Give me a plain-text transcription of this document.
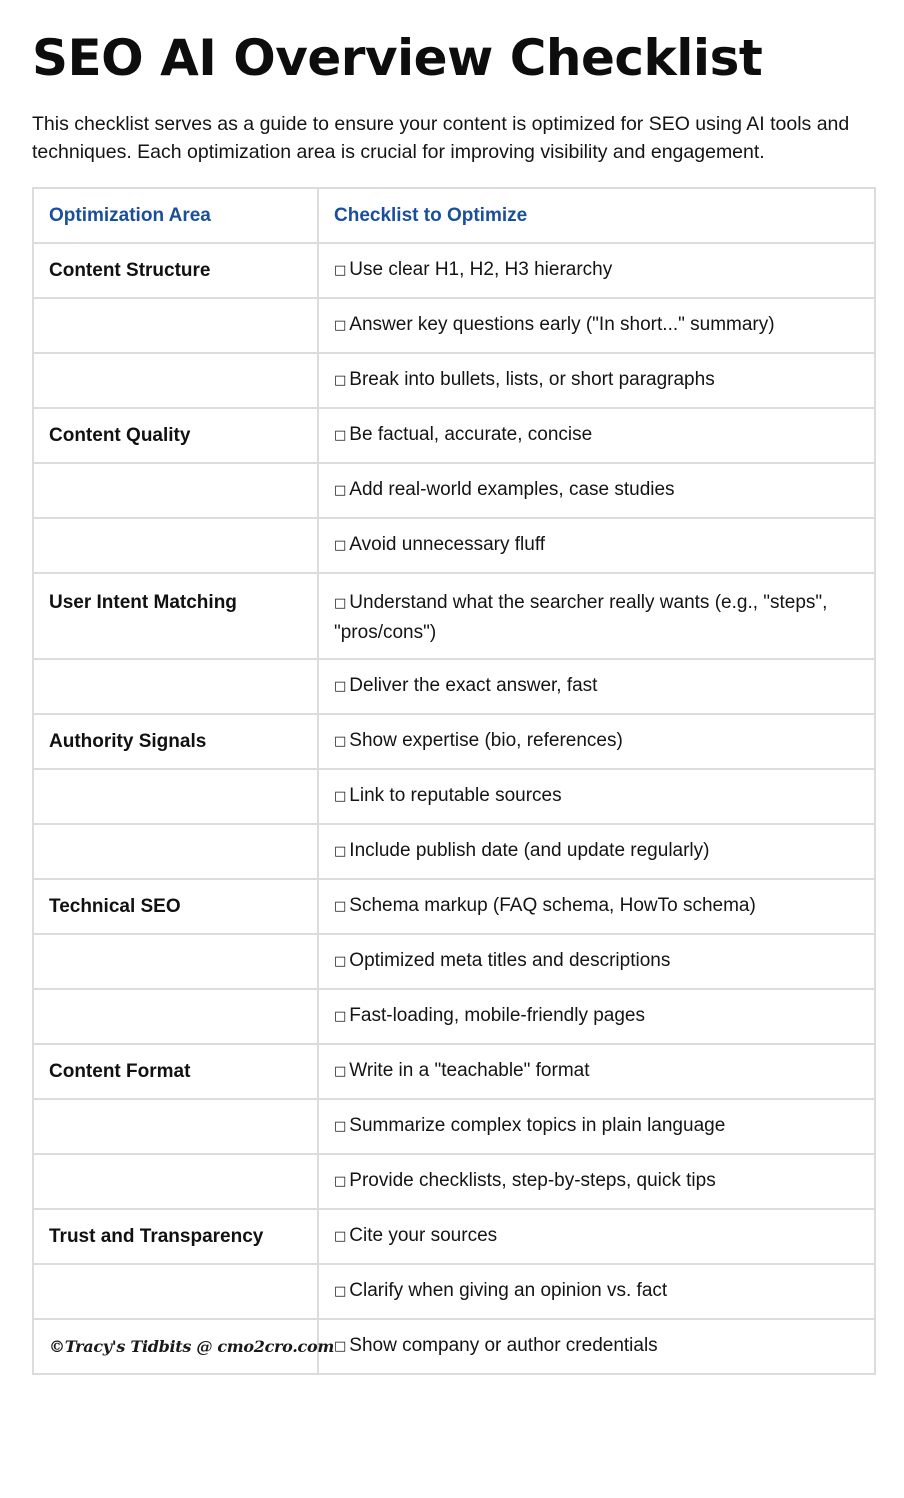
SEO AI Overview Checklist

This checklist serves as a guide to ensure your content is optimized for SEO using AI tools and techniques. Each optimization area is crucial for improving visibility and engagement.

Optimization Area	Checklist to Optimize
Content Structure	□ Use clear H1, H2, H3 hierarchy
	□ Answer key questions early ("In short..." summary)
	□ Break into bullets, lists, or short paragraphs
Content Quality	□ Be factual, accurate, concise
	□ Add real-world examples, case studies
	□ Avoid unnecessary fluff
User Intent Matching	□ Understand what the searcher really wants (e.g., "steps", "pros/cons")
	□ Deliver the exact answer, fast
Authority Signals	□ Show expertise (bio, references)
	□ Link to reputable sources
	□ Include publish date (and update regularly)
Technical SEO	□ Schema markup (FAQ schema, HowTo schema)
	□ Optimized meta titles and descriptions
	□ Fast-loading, mobile-friendly pages
Content Format	□ Write in a "teachable" format
	□ Summarize complex topics in plain language
	□ Provide checklists, step-by-steps, quick tips
Trust and Transparency	□ Cite your sources
	□ Clarify when giving an opinion vs. fact
©Tracy's Tidbits @ cmo2cro.com	□ Show company or author credentials
